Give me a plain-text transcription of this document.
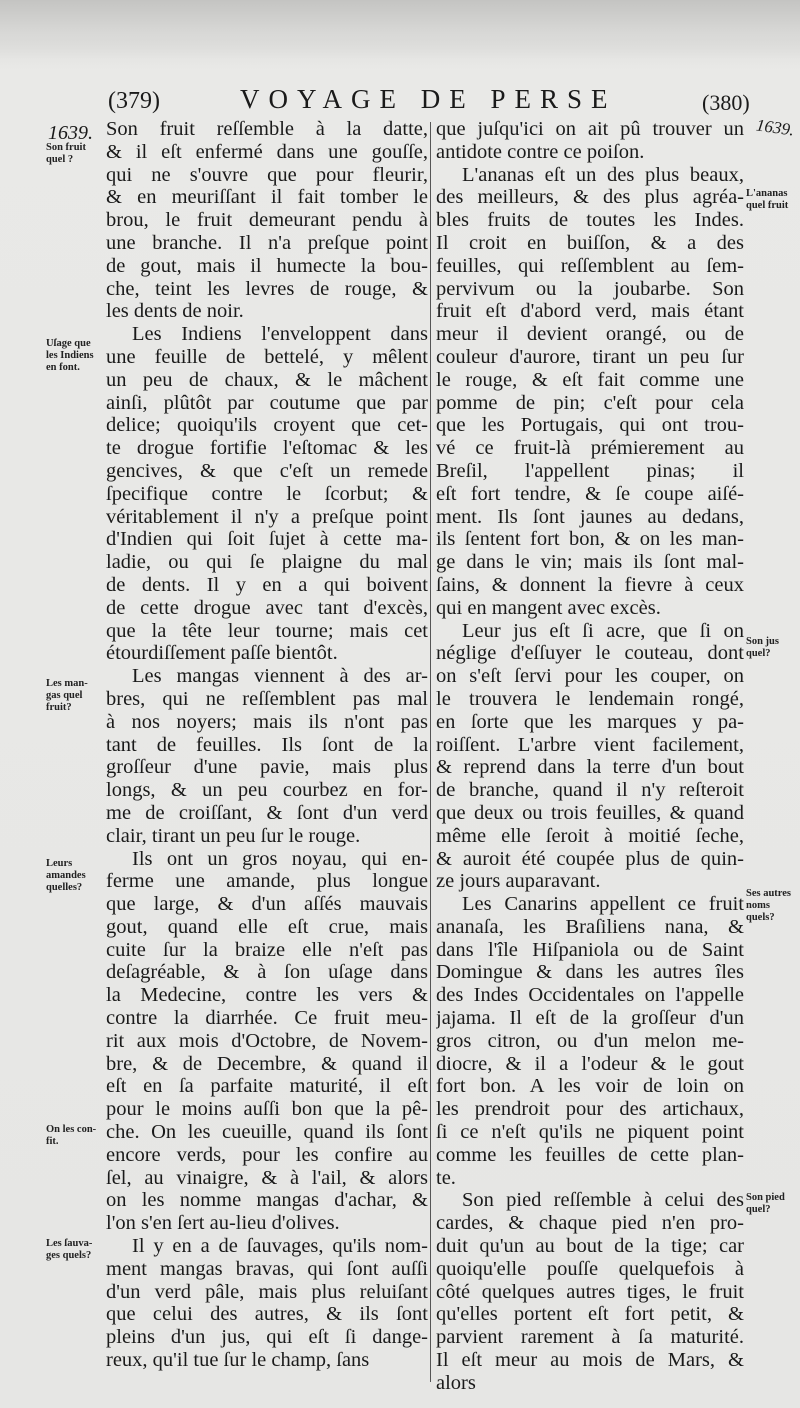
(379)	VOYAGE DE PERSE	(380)
1639.	1639.
Son fruit
quel ?
Uſage que
les Indiens
en font.
Les man-
gas quel
fruit?
Leurs
amandes
quelles?
On les con-
fit.
Les ſauva-
ges quels?
L'ananas
quel fruit
Son jus
quel?
Ses autres
noms
quels?
Son pied
quel?
Son fruit reſſemble à la datte,
& il eſt enfermé dans une gouſſe,
qui ne s'ouvre que pour fleurir,
& en meuriſſant il fait tomber le
brou, le fruit demeurant pendu à
une branche. Il n'a preſque point
de gout, mais il humecte la bou-
che, teint les levres de rouge, &
les dents de noir.
Les Indiens l'enveloppent dans
une feuille de bettelé, y mêlent
un peu de chaux, & le mâchent
ainſi, plûtôt par coutume que par
delice; quoiqu'ils croyent que cet-
te drogue fortifie l'eſtomac & les
gencives, & que c'eſt un remede
ſpecifique contre le ſcorbut; &
véritablement il n'y a preſque point
d'Indien qui ſoit ſujet à cette ma-
ladie, ou qui ſe plaigne du mal
de dents. Il y en a qui boivent
de cette drogue avec tant d'excès,
que la tête leur tourne; mais cet
étourdiſſement paſſe bientôt.
Les mangas viennent à des ar-
bres, qui ne reſſemblent pas mal
à nos noyers; mais ils n'ont pas
tant de feuilles. Ils ſont de la
groſſeur d'une pavie, mais plus
longs, & un peu courbez en for-
me de croiſſant, & ſont d'un verd
clair, tirant un peu ſur le rouge.
Ils ont un gros noyau, qui en-
ferme une amande, plus longue
que large, & d'un aſſés mauvais
gout, quand elle eſt crue, mais
cuite ſur la braize elle n'eſt pas
deſagréable, & à ſon uſage dans
la Medecine, contre les vers &
contre la diarrhée. Ce fruit meu-
rit aux mois d'Octobre, de Novem-
bre, & de Decembre, & quand il
eſt en ſa parfaite maturité, il eſt
pour le moins auſſi bon que la pê-
che. On les cueuille, quand ils ſont
encore verds, pour les confire au
ſel, au vinaigre, & à l'ail, & alors
on les nomme mangas d'achar, &
l'on s'en ſert au-lieu d'olives.
Il y en a de ſauvages, qu'ils nom-
ment mangas bravas, qui ſont auſſi
d'un verd pâle, mais plus reluiſant
que celui des autres, & ils ſont
pleins d'un jus, qui eſt ſi dange-
reux, qu'il tue ſur le champ, ſans
que juſqu'ici on ait pû trouver un
antidote contre ce poiſon.
L'ananas eſt un des plus beaux,
des meilleurs, & des plus agréa-
bles fruits de toutes les Indes.
Il croit en buiſſon, & a des
feuilles, qui reſſemblent au ſem-
pervivum ou la joubarbe. Son
fruit eſt d'abord verd, mais étant
meur il devient orangé, ou de
couleur d'aurore, tirant un peu ſur
le rouge, & eſt fait comme une
pomme de pin; c'eſt pour cela
que les Portugais, qui ont trou-
vé ce fruit-là prémierement au
Breſil, l'appellent pinas; il
eſt fort tendre, & ſe coupe aiſé-
ment. Ils ſont jaunes au dedans,
ils ſentent fort bon, & on les man-
ge dans le vin; mais ils ſont mal-
ſains, & donnent la fievre à ceux
qui en mangent avec excès.
Leur jus eſt ſi acre, que ſi on
néglige d'eſſuyer le couteau, dont
on s'eſt ſervi pour les couper, on
le trouvera le lendemain rongé,
en ſorte que les marques y pa-
roiſſent. L'arbre vient facilement,
& reprend dans la terre d'un bout
de branche, quand il n'y reſteroit
que deux ou trois feuilles, & quand
même elle ſeroit à moitié ſeche,
& auroit été coupée plus de quin-
ze jours auparavant.
Les Canarins appellent ce fruit
ananaſa, les Braſiliens nana, &
dans l'île Hiſpaniola ou de Saint
Domingue & dans les autres îles
des Indes Occidentales on l'appelle
jajama. Il eſt de la groſſeur d'un
gros citron, ou d'un melon me-
diocre, & il a l'odeur & le gout
fort bon. A les voir de loin on
les prendroit pour des artichaux,
ſi ce n'eſt qu'ils ne piquent point
comme les feuilles de cette plan-
te.
Son pied reſſemble à celui des
cardes, & chaque pied n'en pro-
duit qu'un au bout de la tige; car
quoiqu'elle pouſſe quelquefois à
côté quelques autres tiges, le fruit
qu'elles portent eſt fort petit, &
parvient rarement à ſa maturité.
Il eſt meur au mois de Mars, &
alors
